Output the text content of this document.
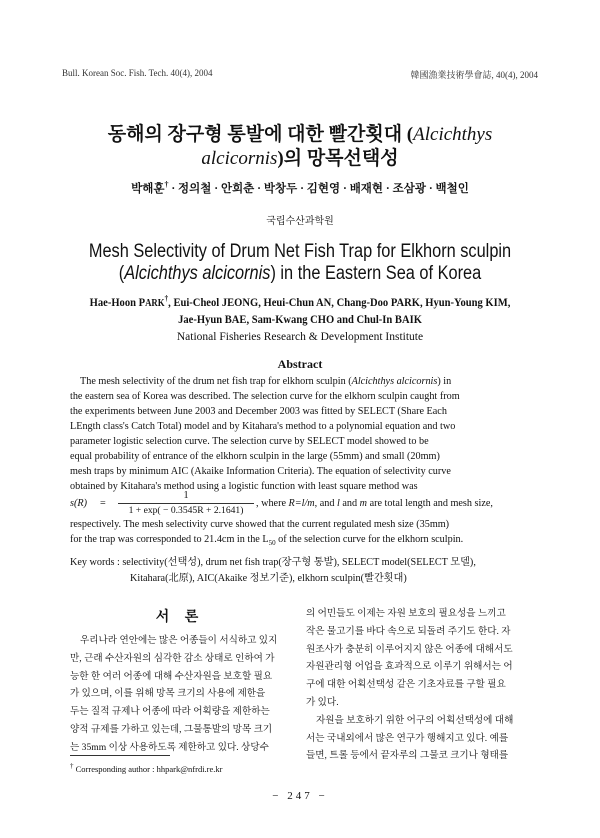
Bull. Korean Soc. Fish. Tech. 40(4), 2004	韓國漁業技術學會誌, 40(4), 2004
동해의 장구형 통발에 대한 빨간횟대 (Alcichthys
alcicornis)의 망목선택성
박해훈† · 정의철 · 안희춘 · 박창두 · 김현영 · 배재현 · 조삼광 · 백철인
국립수산과학원
Mesh Selectivity of Drum Net Fish Trap for Elkhorn sculpin
(Alcichthys alcicornis) in the Eastern Sea of Korea
Hae-Hoon PARK†, Eui-Cheol JEONG, Heui-Chun AN, Chang-Doo PARK, Hyun-Young KIM,
Jae-Hyun BAE, Sam-Kwang CHO and Chul-In BAIK
National Fisheries Research & Development Institute
Abstract
The mesh selectivity of the drum net fish trap for elkhorn sculpin (Alcichthys alcicornis) in
the eastern sea of Korea was described. The selection curve for the elkhorn sculpin caught from
the experiments between June 2003 and December 2003 was fitted by SELECT (Share Each
LEngth class's Catch Total) model and by Kitahara's method to a polynomial equation and two
parameter logistic selection curve. The selection curve by SELECT model showed to be
equal probability of entrance of the elkhorn sculpin in the large (55mm) and small (20mm)
mesh traps by minimum AIC (Akaike Information Criteria). The equation of selectivity curve
obtained by Kitahara's method using a logistic function with least square method was
s(R) =
1
1 + exp( − 0.3545R + 2.1641)
, where R=l/m, and l and m are total length and mesh size,
respectively. The mesh selectivity curve showed that the current regulated mesh size (35mm)
for the trap was corresponded to 21.4cm in the $L_{50}$ of the selection curve for the elkhorn sculpin.
Key words : selectivity(선택성), drum net fish trap(장구형 통발), SELECT model(SELECT 모델),
Kitahara(北原), AIC(Akaike 정보기준), elkhorn sculpin(빨간횟대)
서 론
우리나라 연안에는 많은 어종들이 서식하고 있지
만, 근래 수산자원의 심각한 감소 상태로 인하여 가
능한 한 여러 어종에 대해 수산자원을 보호할 필요
가 있으며, 이를 위해 망목 크기의 사용에 제한을
두는 질적 규제나 어종에 따라 어획량을 제한하는
양적 규제를 가하고 있는데, 그물통발의 망목 크기
는 35mm 이상 사용하도록 제한하고 있다. 상당수
의 어민들도 이제는 자원 보호의 필요성을 느끼고
작은 물고기를 바다 속으로 되돌려 주기도 한다. 자
원조사가 충분히 이루어지지 않은 어종에 대해서도
자원관리형 어업을 효과적으로 이루기 위해서는 어
구에 대한 어획선택성 같은 기초자료를 구할 필요
가 있다.
자원을 보호하기 위한 어구의 어획선택성에 대해
서는 국내외에서 많은 연구가 행해지고 있다. 예를
들면, 트롤 등에서 끝자루의 그물코 크기나 형태를
† Corresponding author : hhpark@nfrdi.re.kr
− 247 −
